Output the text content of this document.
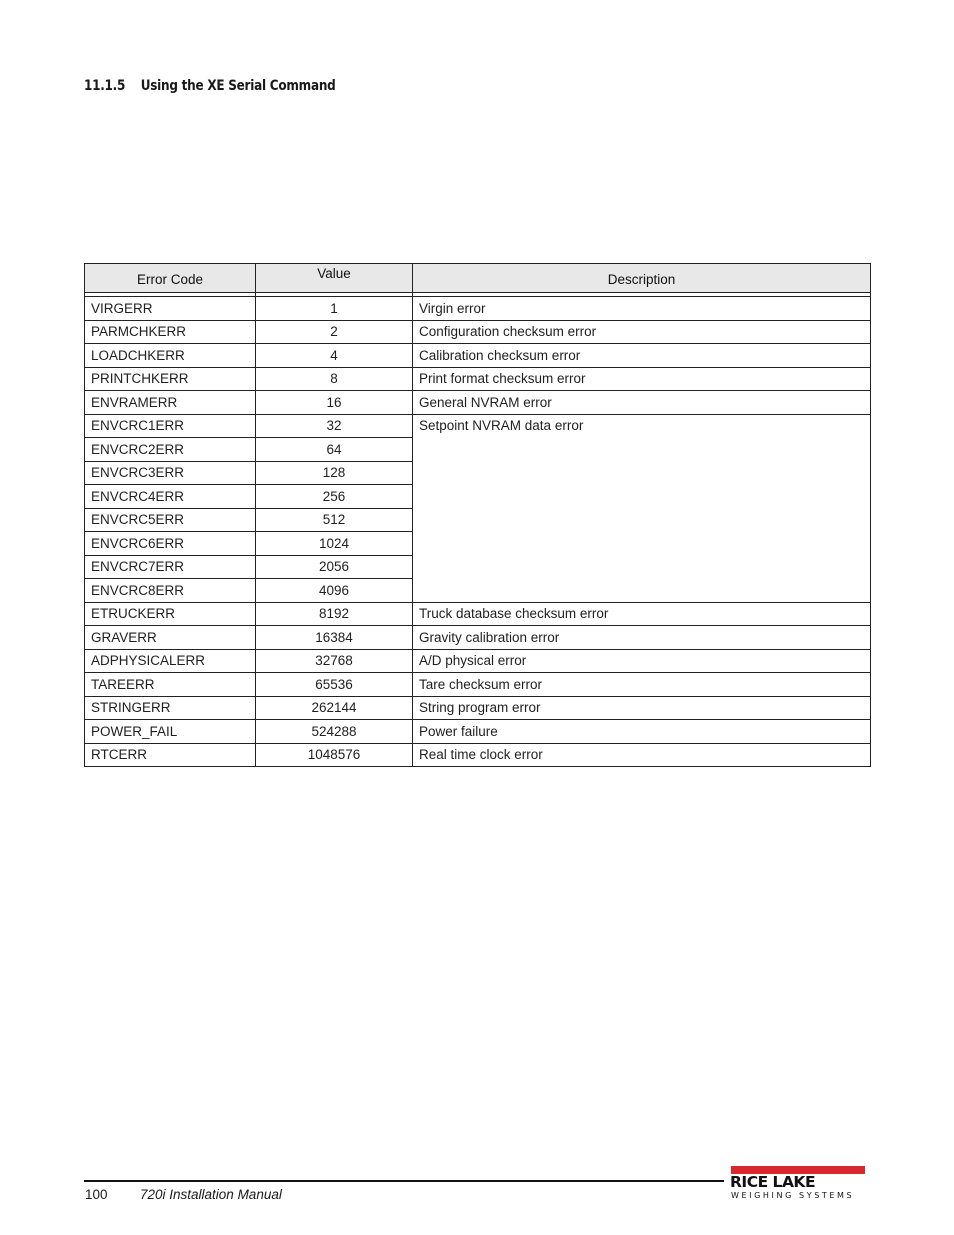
11.1.5 Using the XE Serial Command
Error Code	Value	Description

VIRGERR	1	Virgin error
PARMCHKERR	2	Configuration checksum error
LOADCHKERR	4	Calibration checksum error
PRINTCHKERR	8	Print format checksum error
ENVRAMERR	16	General NVRAM error
ENVCRC1ERR	32	Setpoint NVRAM data error
ENVCRC2ERR	64	
ENVCRC3ERR	128	
ENVCRC4ERR	256	
ENVCRC5ERR	512	
ENVCRC6ERR	1024	
ENVCRC7ERR	2056	
ENVCRC8ERR	4096	
ETRUCKERR	8192	Truck database checksum error
GRAVERR	16384	Gravity calibration error
ADPHYSICALERR	32768	A/D physical error
TAREERR	65536	Tare checksum error
STRINGERR	262144	String program error
POWER_FAIL	524288	Power failure
RTCERR	1048576	Real time clock error
100 720i Installation Manual
RICE LAKE
WEIGHING SYSTEMS
